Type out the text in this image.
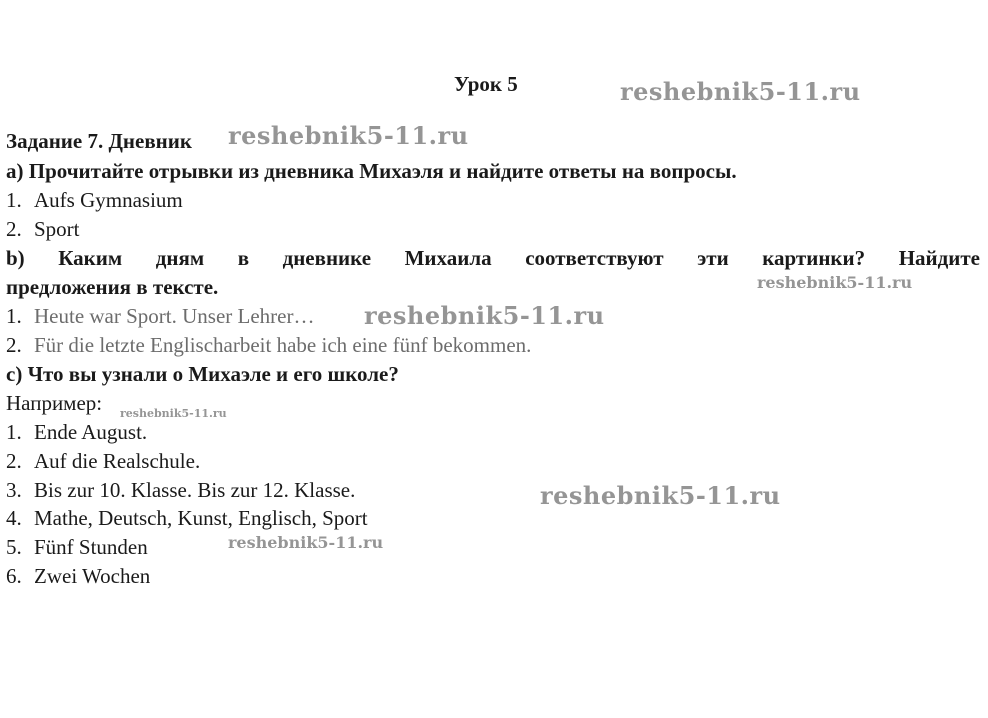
Урок 5
Задание 7. Дневник
а) Прочитайте отрывки из дневника Михаэля и найдите ответы на вопросы.
1. Aufs Gymnasium
2. Sport
b) Каким дням в дневнике Михаила соответствуют эти картинки? Найдите
предложения в тексте.
1. Heute war Sport. Unser Lehrer…
2. Für die letzte Englischarbeit habe ich eine fünf bekommen.
с) Что вы узнали о Михаэле и его школе?
Например:
1. Ende August.
2. Auf die Realschule.
3. Bis zur 10. Klasse. Bis zur 12. Klasse.
4. Mathe, Deutsch, Kunst, Englisch, Sport
5. Fünf Stunden
6. Zwei Wochen
reshebnik5-11.ru
reshebnik5-11.ru
reshebnik5-11.ru
reshebnik5-11.ru
reshebnik5-11.ru
reshebnik5-11.ru
reshebnik5-11.ru
